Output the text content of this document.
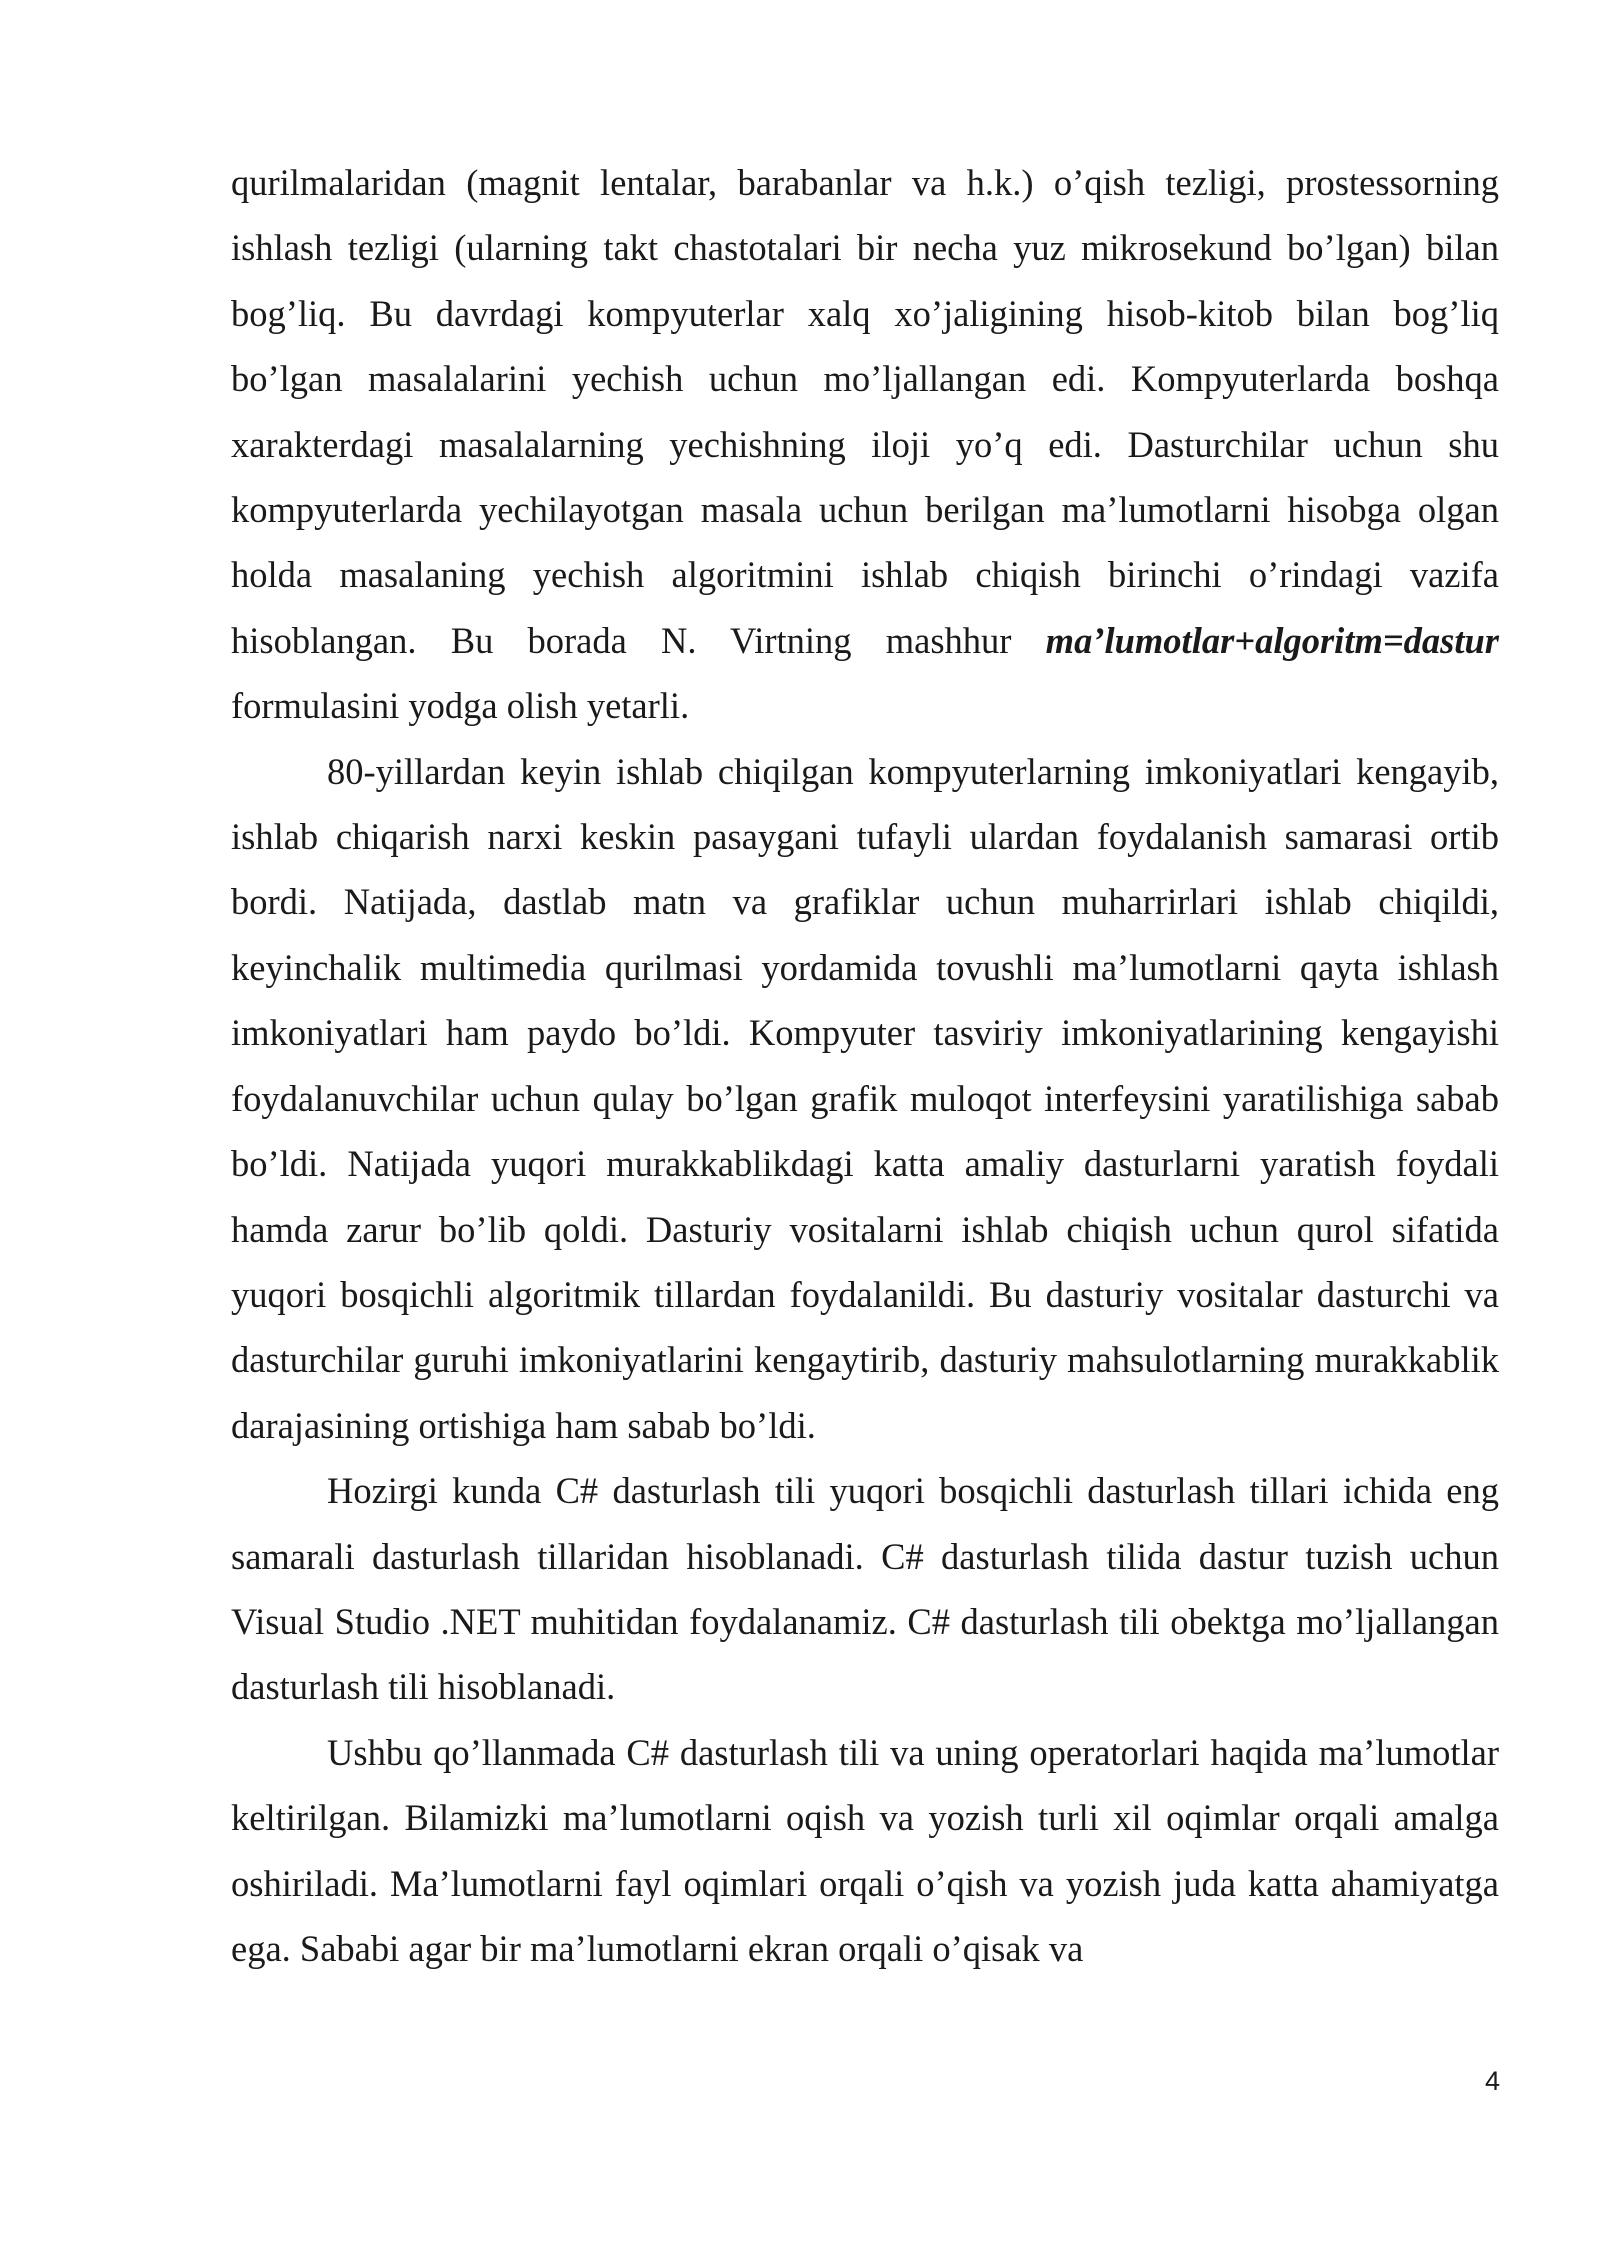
qurilmalaridan (magnit lentalar, barabanlar va h.k.) o’qish tezligi, prostessorning ishlash tezligi (ularning takt chastotalari bir necha yuz mikrosekund bo’lgan) bilan bog’liq. Bu davrdagi kompyuterlar xalq xo’jaligining hisob-kitob bilan bog’liq bo’lgan masalalarini yechish uchun mo’ljallangan edi. Kompyuterlarda boshqa xarakterdagi masalalarning yechishning iloji yo’q edi. Dasturchilar uchun shu kompyuterlarda yechilayotgan masala uchun berilgan ma’lumotlarni hisobga olgan holda masalaning yechish algoritmini ishlab chiqish birinchi o’rindagi vazifa hisoblangan. Bu borada N. Virtning mashhur ma’lumotlar+algoritm=dastur formulasini yodga olish yetarli.

80-yillardan keyin ishlab chiqilgan kompyuterlarning imkoniyatlari kengayib, ishlab chiqarish narxi keskin pasaygani tufayli ulardan foydalanish samarasi ortib bordi. Natijada, dastlab matn va grafiklar uchun muharrirlari ishlab chiqildi, keyinchalik multimedia qurilmasi yordamida tovushli ma’lumotlarni qayta ishlash imkoniyatlari ham paydo bo’ldi. Kompyuter tasviriy imkoniyatlarining kengayishi foydalanuvchilar uchun qulay bo’lgan grafik muloqot interfeysini yaratilishiga sabab bo’ldi. Natijada yuqori murakkablikdagi katta amaliy dasturlarni yaratish foydali hamda zarur bo’lib qoldi. Dasturiy vositalarni ishlab chiqish uchun qurol sifatida yuqori bosqichli algoritmik tillardan foydalanildi. Bu dasturiy vositalar dasturchi va dasturchilar guruhi imkoniyatlarini kengaytirib, dasturiy mahsulotlarning murakkablik darajasining ortishiga ham sabab bo’ldi.

Hozirgi kunda C# dasturlash tili yuqori bosqichli dasturlash tillari ichida eng samarali dasturlash tillaridan hisoblanadi. C# dasturlash tilida dastur tuzish uchun Visual Studio .NET muhitidan foydalanamiz. C# dasturlash tili obektga mo’ljallangan dasturlash tili hisoblanadi.

Ushbu qo’llanmada C# dasturlash tili va uning operatorlari haqida ma’lumotlar keltirilgan. Bilamizki ma’lumotlarni oqish va yozish turli xil oqimlar orqali amalga oshiriladi. Ma’lumotlarni fayl oqimlari orqali o’qish va yozish juda katta ahamiyatga ega. Sababi agar bir ma’lumotlarni ekran orqali o’qisak va

4
